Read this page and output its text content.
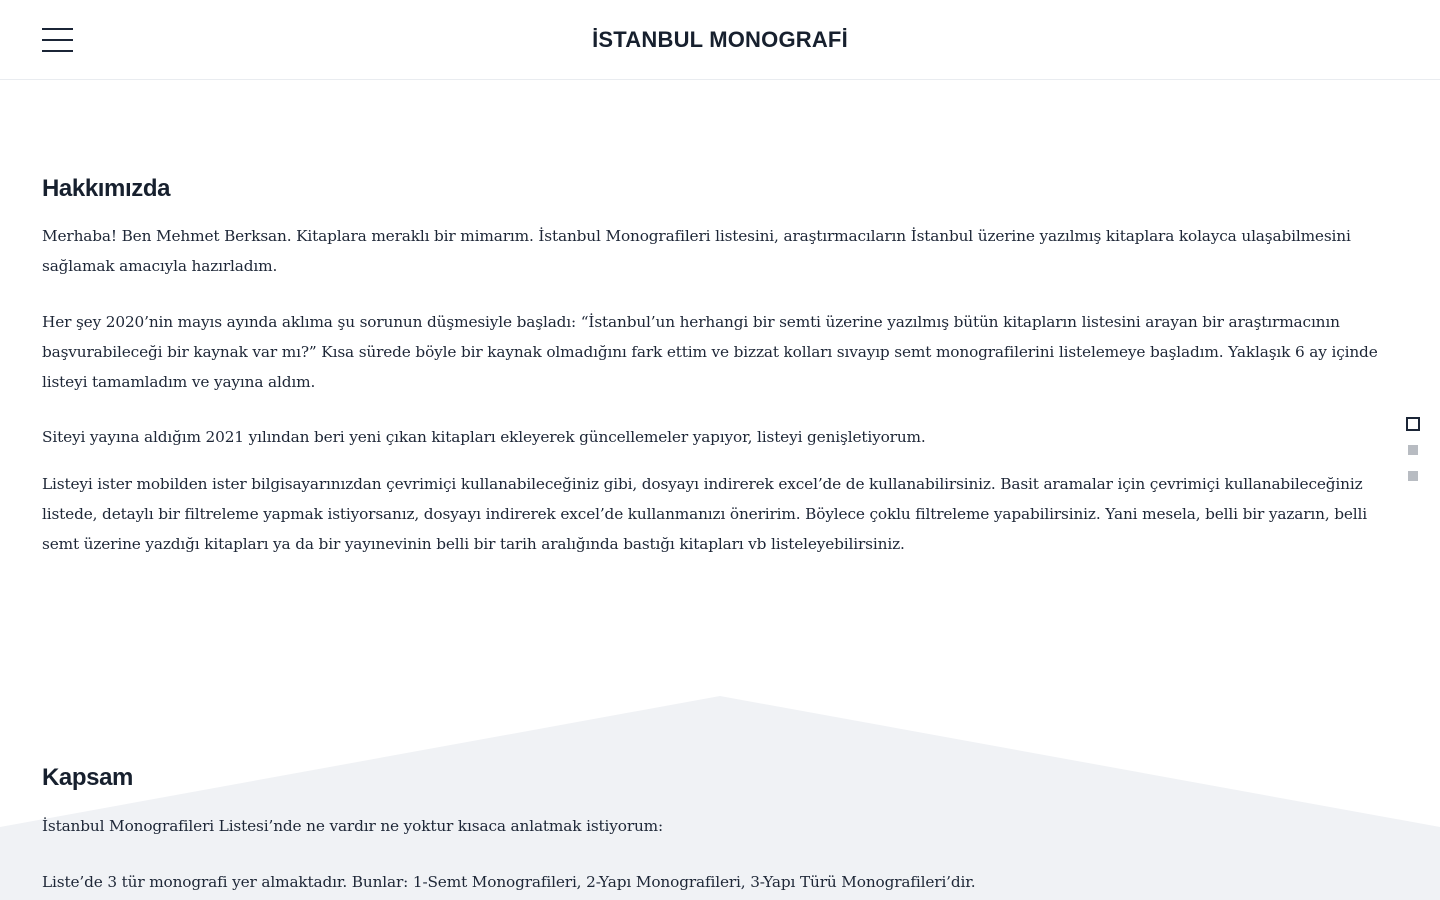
İSTANBUL MONOGRAFİ
Hakkımızda

Merhaba! Ben Mehmet Berksan. Kitaplara meraklı bir mimarım. İstanbul Monografileri listesini, araştırmacıların İstanbul üzerine yazılmış kitaplara kolayca ulaşabilmesini sağlamak amacıyla hazırladım.

Her şey 2020’nin mayıs ayında aklıma şu sorunun düşmesiyle başladı: “İstanbul’un herhangi bir semti üzerine yazılmış bütün kitapların listesini arayan bir araştırmacının başvurabileceği bir kaynak var mı?” Kısa sürede böyle bir kaynak olmadığını fark ettim ve bizzat kolları sıvayıp semt monografilerini listelemeye başladım. Yaklaşık 6 ay içinde listeyi tamamladım ve yayına aldım.

Siteyi yayına aldığım 2021 yılından beri yeni çıkan kitapları ekleyerek güncellemeler yapıyor, listeyi genişletiyorum.

Listeyi ister mobilden ister bilgisayarınızdan çevrimiçi kullanabileceğiniz gibi, dosyayı indirerek excel’de de kullanabilirsiniz. Basit aramalar için çevrimiçi kullanabileceğiniz listede, detaylı bir filtreleme yapmak istiyorsanız, dosyayı indirerek excel’de kullanmanızı öneririm. Böylece çoklu filtreleme yapabilirsiniz. Yani mesela, belli bir yazarın, belli semt üzerine yazdığı kitapları ya da bir yayınevinin belli bir tarih aralığında bastığı kitapları vb listeleyebilirsiniz.

Kapsam

İstanbul Monografileri Listesi’nde ne vardır ne yoktur kısaca anlatmak istiyorum:

Liste’de 3 tür monografi yer almaktadır. Bunlar: 1-Semt Monografileri, 2-Yapı Monografileri, 3-Yapı Türü Monografileri’dir.
